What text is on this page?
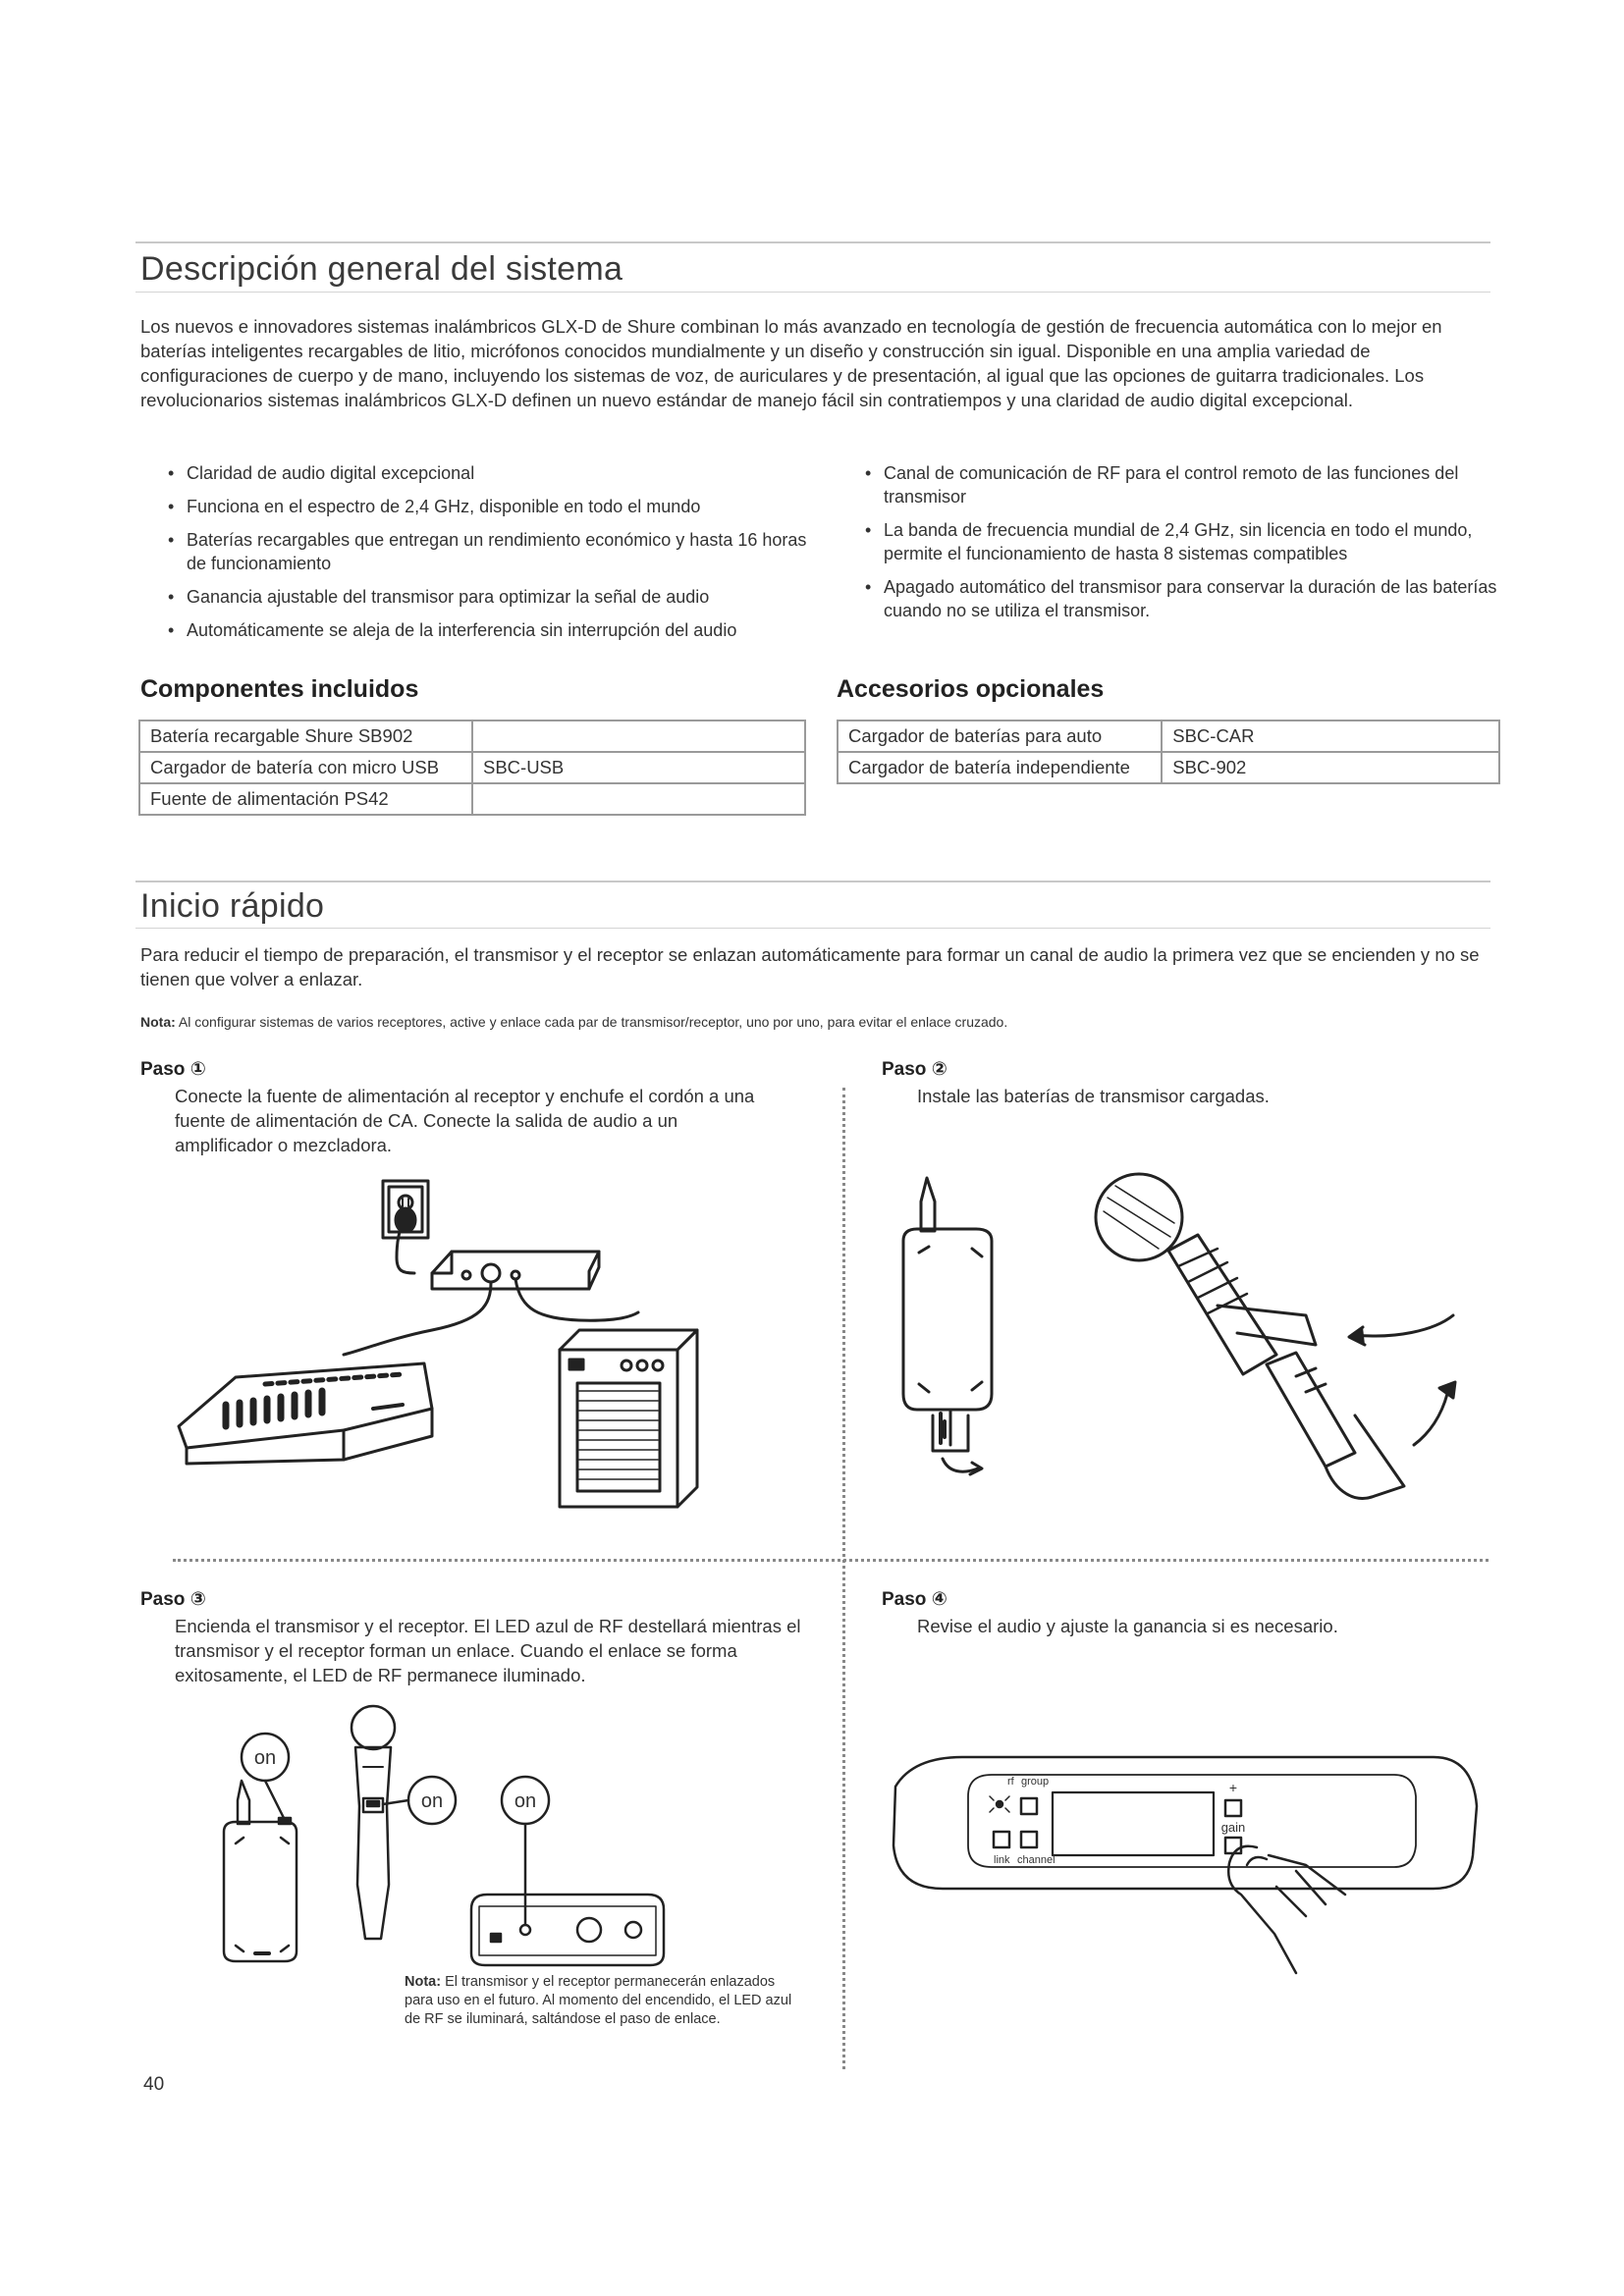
Descripción general del sistema
Los nuevos e innovadores sistemas inalámbricos GLX-D de Shure combinan lo más avanzado en tecnología de gestión de frecuencia automática con lo mejor en baterías inteligentes recargables de litio, micrófonos conocidos mundialmente y un diseño y construcción sin igual. Disponible en una amplia variedad de configuraciones de cuerpo y de mano, incluyendo los sistemas de voz, de auriculares y de presentación, al igual que las opciones de guitarra tradicionales. Los revolucionarios sistemas inalámbricos GLX-D definen un nuevo estándar de manejo fácil sin contratiempos y una claridad de audio digital excepcional.
• Claridad de audio digital excepcional
• Funciona en el espectro de 2,4 GHz, disponible en todo el mundo
• Baterías recargables que entregan un rendimiento económico y hasta 16 horas de funcionamiento
• Ganancia ajustable del transmisor para optimizar la señal de audio
• Automáticamente se aleja de la interferencia sin interrupción del audio
• Canal de comunicación de RF para el control remoto de las funciones del transmisor
• La banda de frecuencia mundial de 2,4 GHz, sin licencia en todo el mundo, permite el funcionamiento de hasta 8 sistemas compatibles
• Apagado automático del transmisor para conservar la duración de las baterías cuando no se utiliza el transmisor.
Componentes incluidos	Accesorios opcionales
Batería recargable Shure SB902	
Cargador de batería con micro USB	SBC-USB
Fuente de alimentación PS42	
Cargador de baterías para auto	SBC-CAR
Cargador de batería independiente	SBC-902
Inicio rápido
Para reducir el tiempo de preparación, el transmisor y el receptor se enlazan automáticamente para formar un canal de audio la primera vez que se encienden y no se tienen que volver a enlazar.
Nota: Al configurar sistemas de varios receptores, active y enlace cada par de transmisor/receptor, uno por uno, para evitar el enlace cruzado.
Paso ①
Conecte la fuente de alimentación al receptor y enchufe el cordón a una fuente de alimentación de CA. Conecte la salida de audio a un amplificador o mezcladora.
Paso ②
Instale las baterías de transmisor cargadas.
Paso ③
Encienda el transmisor y el receptor. El LED azul de RF destellará mientras el transmisor y el receptor forman un enlace. Cuando el enlace se forma exitosamente, el LED de RF permanece iluminado.
Paso ④
Revise el audio y ajuste la ganancia si es necesario.
on
on	on
Nota: El transmisor y el receptor permanecerán enlazados para uso en el futuro. Al momento del encendido, el LED azul de RF se iluminará, saltándose el paso de enlace.
rf group
link channel
+
gain
40
